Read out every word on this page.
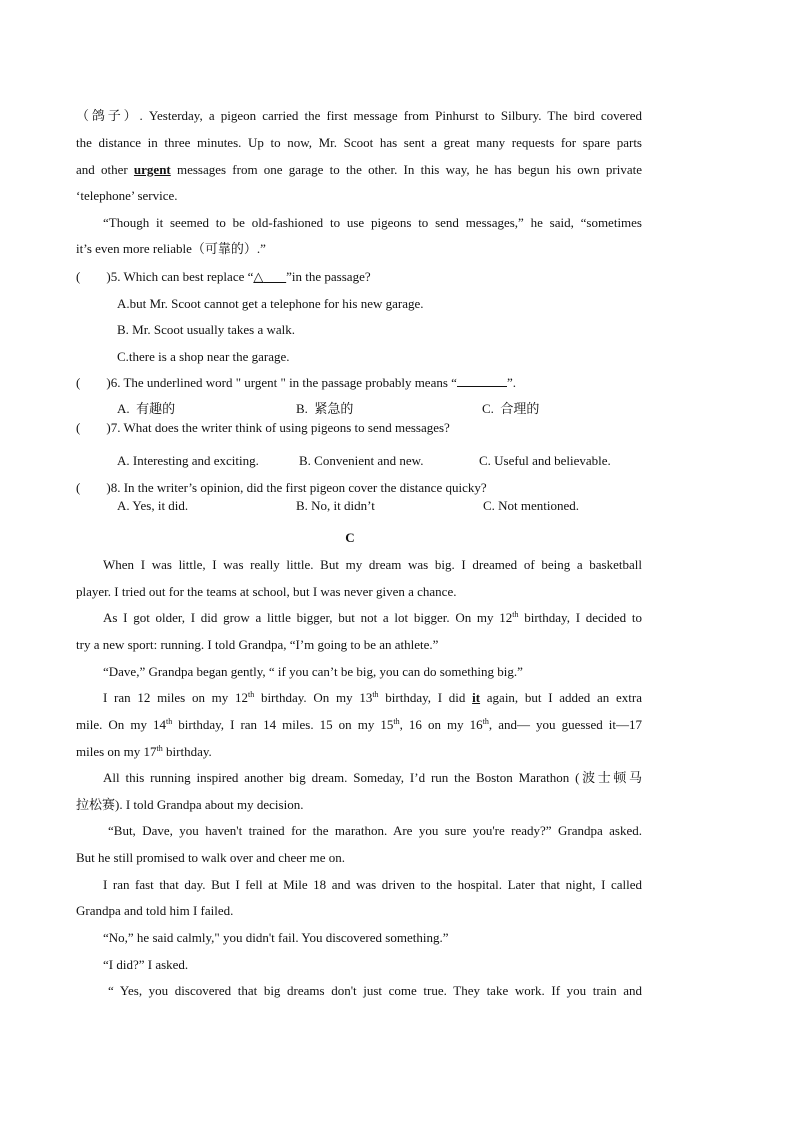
（鸽子）. Yesterday, a pigeon carried the first message from Pinhurst to Silbury. The bird covered
the distance in three minutes. Up to now, Mr. Scoot has sent a great many requests for spare parts
and other urgent messages from one garage to the other. In this way, he has begun his own private
‘telephone’ service.
“Though it seemed to be old-fashioned to use pigeons to send messages,” he said, “sometimes
it’s even more reliable（可靠的）.”
( )5. Which can best replace “△ ”in the passage?
A.but Mr. Scoot cannot get a telephone for his new garage.
B. Mr. Scoot usually takes a walk.
C.there is a shop near the garage.
( )6. The underlined word " urgent " in the passage probably means “	”.
A. 有趣的	B. 紧急的	C. 合理的
( )7. What does the writer think of using pigeons to send messages?
A. Interesting and exciting.	B. Convenient and new.	C. Useful and believable.
( )8. In the writer’s opinion, did the first pigeon cover the distance quicky?
A. Yes, it did.	B. No, it didn’t	C. Not mentioned.
C
When I was little, I was really little. But my dream was big. I dreamed of being a basketball
player. I tried out for the teams at school, but I was never given a chance.
As I got older, I did grow a little bigger, but not a lot bigger. On my 12th birthday, I decided to
try a new sport: running. I told Grandpa, “I’m going to be an athlete.”
“Dave,” Grandpa began gently, “ if you can’t be big, you can do something big.”
I ran 12 miles on my 12th birthday. On my 13th birthday, I did it again, but I added an extra
mile. On my 14th birthday, I ran 14 miles. 15 on my 15th, 16 on my 16th, and— you guessed it—17
miles on my 17th birthday.
All this running inspired another big dream. Someday, I’d run the Boston Marathon (波士顿马
拉松赛). I told Grandpa about my decision.
“But, Dave, you haven't trained for the marathon. Are you sure you're ready?” Grandpa asked.
But he still promised to walk over and cheer me on.
I ran fast that day. But I fell at Mile 18 and was driven to the hospital. Later that night, I called
Grandpa and told him I failed.
“No,” he said calmly," you didn't fail. You discovered something.”
“I did?” I asked.
“ Yes, you discovered that big dreams don't just come true. They take work. If you train and
